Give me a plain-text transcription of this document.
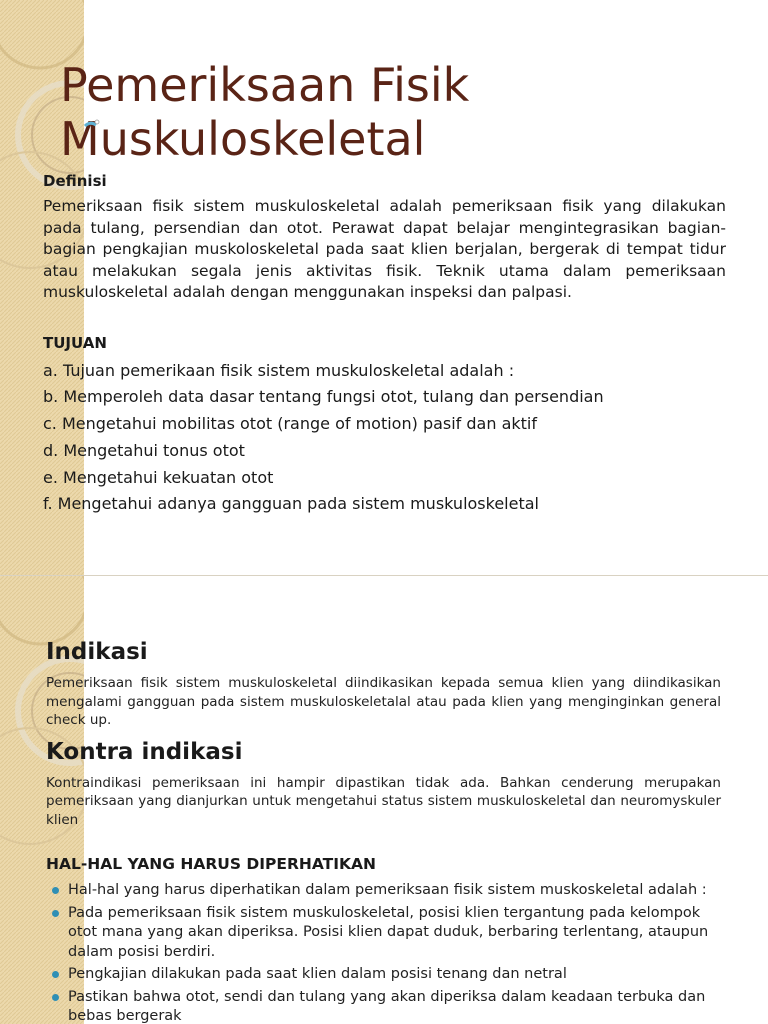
Pemeriksaan Fisik Muskuloskeletal

Definisi

Pemeriksaan fisik sistem muskuloskeletal adalah pemeriksaan fisik yang dilakukan pada tulang, persendian dan otot. Perawat dapat belajar mengintegrasikan bagian-bagian pengkajian muskoloskeletal pada saat klien berjalan, bergerak di tempat tidur atau melakukan segala jenis aktivitas fisik. Teknik utama dalam pemeriksaan muskuloskeletal adalah dengan menggunakan inspeksi dan palpasi.

TUJUAN

a. Tujuan pemerikaan fisik sistem muskuloskeletal adalah :
b. Memperoleh data dasar tentang fungsi otot, tulang dan persendian
c. Mengetahui mobilitas otot (range of motion) pasif dan aktif
d. Mengetahui tonus otot
e. Mengetahui kekuatan otot
f. Mengetahui adanya gangguan pada sistem muskuloskeletal

Indikasi

Pemeriksaan fisik sistem muskuloskeletal diindikasikan kepada semua klien yang diindikasikan mengalami gangguan pada sistem muskuloskeletalal atau pada klien yang menginginkan general check up.

Kontra indikasi

Kontraindikasi pemeriksaan ini hampir dipastikan tidak ada. Bahkan cenderung merupakan pemeriksaan yang dianjurkan untuk mengetahui status sistem muskuloskeletal dan neuromyskuler klien

HAL-HAL YANG HARUS DIPERHATIKAN

Hal-hal yang harus diperhatikan dalam pemeriksaan fisik sistem muskoskeletal adalah :
Pada pemeriksaan fisik sistem muskuloskeletal, posisi klien tergantung pada kelompok otot mana yang akan diperiksa. Posisi klien dapat duduk, berbaring terlentang, ataupun dalam posisi berdiri.
Pengkajian dilakukan pada saat klien dalam posisi tenang dan netral
Pastikan bahwa otot, sendi dan tulang yang akan diperiksa dalam keadaan terbuka dan bebas bergerak
